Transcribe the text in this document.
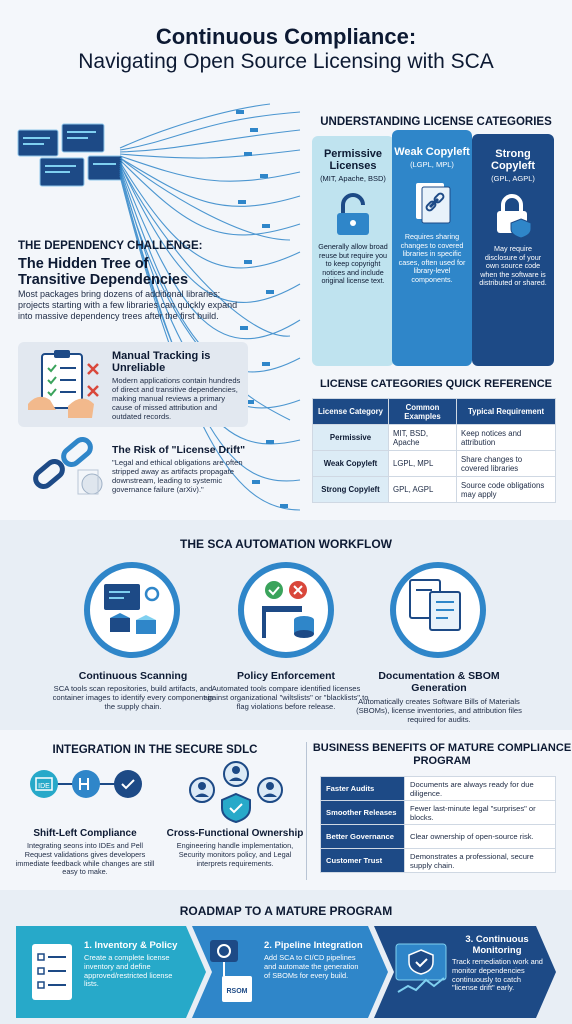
Continuous Compliance:
Navigating Open Source Licensing with SCA
THE DEPENDENCY CHALLENGE:
The Hidden Tree of Transitive Dependencies
Most packages bring dozens of additional libraries; projects starting with a few libraries can quickly expand into massive dependency trees after the first build.
Manual Tracking is Unreliable
Modern applications contain hundreds of direct and transitive dependencies, making manual reviews a primary cause of missed attribution and outdated records.
The Risk of "License Drift"
"Legal and ethical obligations are often stripped away as artifacts propagate downstream, leading to systemic governance failure (arXiv)."
UNDERSTANDING LICENSE CATEGORIES
Permissive Licenses
(MIT, Apache, BSD)
Generally allow broad reuse but require you to keep copyright notices and include original license text.
Weak Copyleft
(LGPL, MPL)
Requires sharing changes to covered libraries in specific cases, often used for library-level components.
Strong Copyleft
(GPL, AGPL)
May require disclosure of your own source code when the software is distributed or shared.
LICENSE CATEGORIES QUICK REFERENCE
License Category	Common Examples	Typical Requirement
Permissive	MIT, BSD, Apache	Keep notices and attribution
Weak Copyleft	LGPL, MPL	Share changes to covered libraries
Strong Copyleft	GPL, AGPL	Source code obligations may apply
THE SCA AUTOMATION WORKFLOW
Continuous Scanning
SCA tools scan repositories, build artifacts, and container images to identify every component in the supply chain.
Policy Enforcement
Automated tools compare identified licenses against organizational "wiltslists" or "blacklists" to flag violations before release.
Documentation & SBOM Generation
Automatically creates Software Bills of Materials (SBOMs), license inventories, and attribution files required for audits.
INTEGRATION IN THE SECURE SDLC
IDE
Shift-Left Compliance
Integrating seons into IDEs and Pell Request validations gives developers immediate feedback while changes are still easy to make.
Cross-Functional Ownership
Engineering handle implementation, Security monitors policy, and Legal interprets requirements.
BUSINESS BENEFITS OF MATURE COMPLIANCE PROGRAM
Faster Audits	Documents are always ready for due diligence.
Smoother Releases	Fewer last-minute legal "surprises" or blocks.
Better Governance	Clear ownership of open-source risk.
Customer Trust	Demonstrates a professional, secure supply chain.
ROADMAP TO A MATURE PROGRAM
1. Inventory & Policy
Create a complete license inventory and define approved/restricted license lists.
RSOM
2. Pipeline Integration
Add SCA to CI/CD pipelines and automate the generation of SBOMs for every build.
3. Continuous Monitoring
Track remediation work and monitor dependencies continuously to catch "license drift" early.
